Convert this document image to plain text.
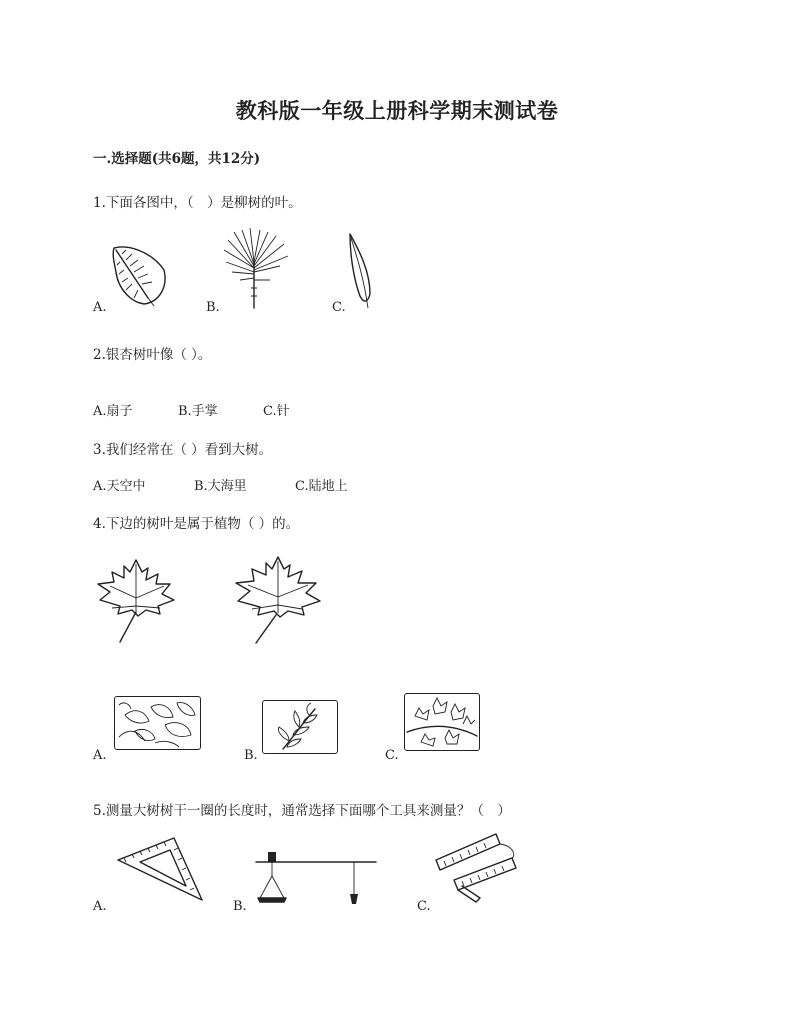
教科版一年级上册科学期末测试卷
一.选择题(共6题，共12分)
1.下面各图中，（　）是柳树的叶。
A.	B.	C.
2.银杏树叶像（ ）。
A.扇子	B.手掌	C.针
3.我们经常在（ ）看到大树。
A.天空中	B.大海里	C.陆地上
4.下边的树叶是属于植物（ ）的。
A.	B.	C.
5.测量大树树干一圈的长度时，通常选择下面哪个工具来测量？（　）
A.	B.	C.
